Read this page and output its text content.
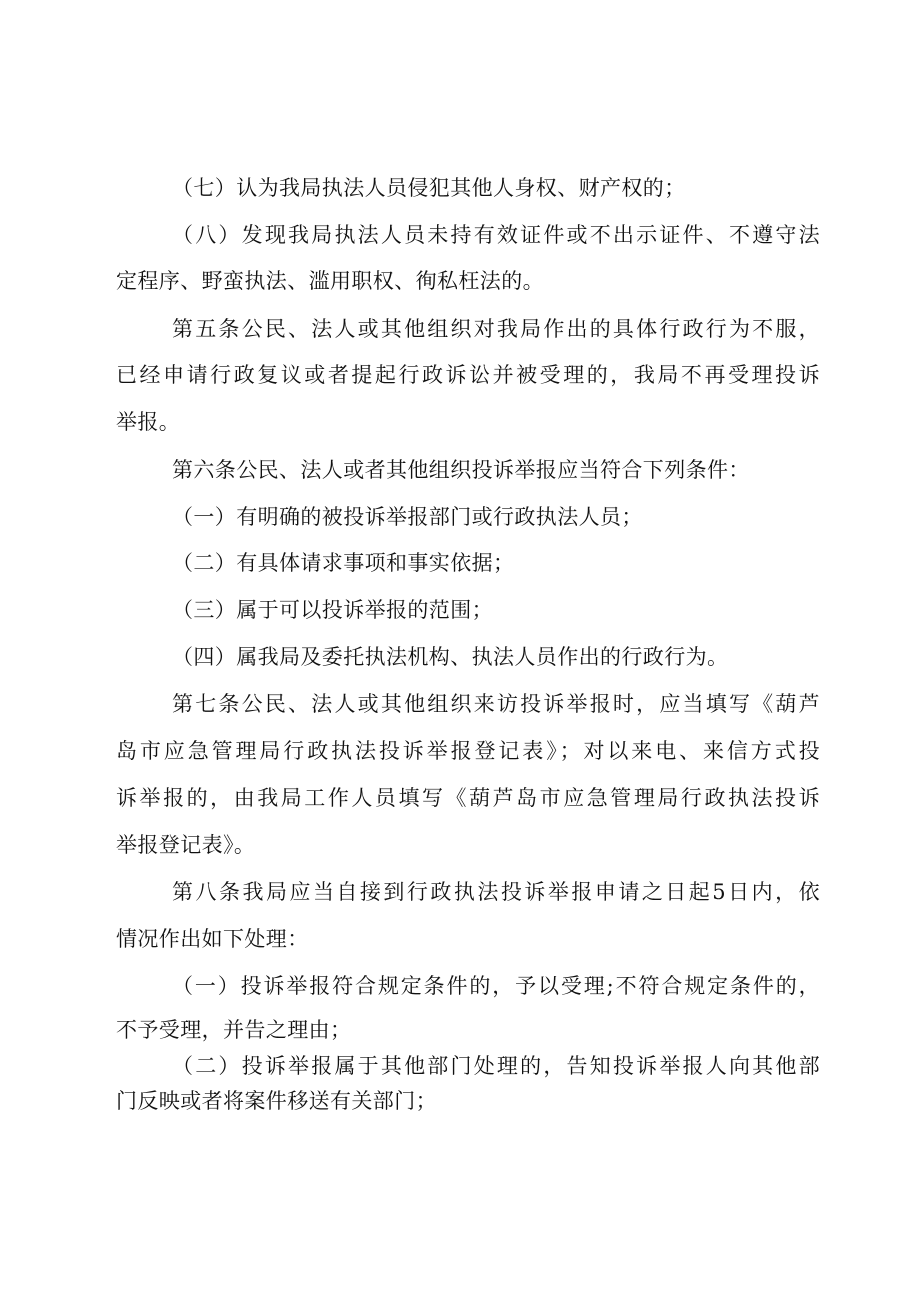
（七）认为我局执法人员侵犯其他人身权、财产权的；
（八）发现我局执法人员未持有效证件或不出示证件、不遵守法
定程序、野蛮执法、滥用职权、徇私枉法的。
第五条公民、法人或其他组织对我局作出的具体行政行为不服，
已经申请行政复议或者提起行政诉讼并被受理的，我局不再受理投诉
举报。
第六条公民、法人或者其他组织投诉举报应当符合下列条件：
（一）有明确的被投诉举报部门或行政执法人员；
（二）有具体请求事项和事实依据；
（三）属于可以投诉举报的范围；
（四）属我局及委托执法机构、执法人员作出的行政行为。
第七条公民、法人或其他组织来访投诉举报时，应当填写《葫芦
岛市应急管理局行政执法投诉举报登记表》；对以来电、来信方式投
诉举报的，由我局工作人员填写《葫芦岛市应急管理局行政执法投诉
举报登记表》。
第八条我局应当自接到行政执法投诉举报申请之日起5日内，依
情况作出如下处理：
（一）投诉举报符合规定条件的，予以受理;不符合规定条件的，
不予受理，并告之理由；
（二）投诉举报属于其他部门处理的，告知投诉举报人向其他部
门反映或者将案件移送有关部门；
